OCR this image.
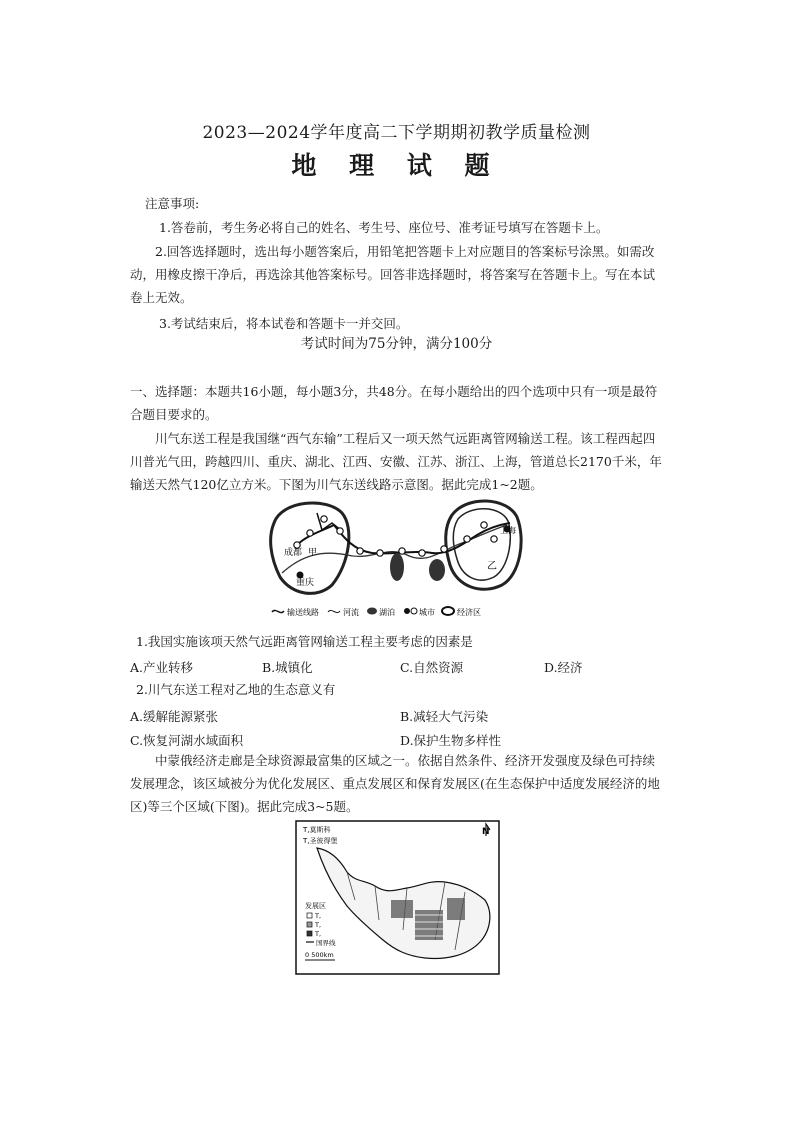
2023—2024学年度高二下学期期初教学质量检测
地 理 试 题
注意事项:
1.答卷前，考生务必将自己的姓名、考生号、座位号、准考证号填写在答题卡上。
2.回答选择题时，选出每小题答案后，用铅笔把答题卡上对应题目的答案标号涂黑。如需改动，用橡皮擦干净后，再选涂其他答案标号。回答非选择题时，将答案写在答题卡上。写在本试卷上无效。
3.考试结束后，将本试卷和答题卡一并交回。
考试时间为75分钟，满分100分
一、选择题：本题共16小题，每小题3分，共48分。在每小题给出的四个选项中只有一项是最符合题目要求的。
川气东送工程是我国继“西气东输”工程后又一项天然气远距离管网输送工程。该工程西起四川普光气田，跨越四川、重庆、湖北、江西、安徽、江苏、浙江、上海，管道总长2170千米，年输送天然气120亿立方米。下图为川气东送线路示意图。据此完成1~2题。
成都 甲
重庆
上海
乙
输送线路	河流	湖泊	城市	经济区
1.我国实施该项天然气远距离管网输送工程主要考虑的因素是
A.产业转移	B.城镇化	C.自然资源	D.经济
2.川气东送工程对乙地的生态意义有
A.缓解能源紧张	B.减轻大气污染
C.恢复河湖水域面积	D.保护生物多样性
中蒙俄经济走廊是全球资源最富集的区域之一。依据自然条件、经济开发强度及绿色可持续发展理念，该区域被分为优化发展区、重点发展区和保育发展区(在生态保护中适度发展经济的地区)等三个区域(下图)。据此完成3~5题。
T,莫斯科
T,圣彼得堡
N
发展区
T,
T,
T,
国界线
0 500km
